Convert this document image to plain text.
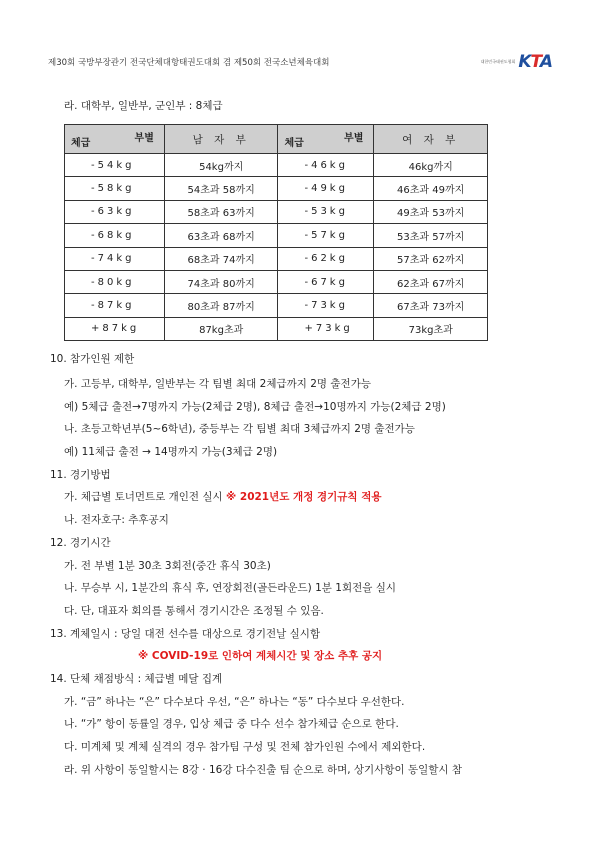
제30회 국방부장관기 전국단체대항태권도대회 겸 제50회 전국소년체육대회	대한민국태권도협회 KTA
라. 대학부, 일반부, 군인부 : 8체급
체급 부별	남 자 부	체급 부별	여 자 부
-54kg	54kg까지	-46kg	46kg까지
-58kg	54초과 58까지	-49kg	46초과 49까지
-63kg	58초과 63까지	-53kg	49초과 53까지
-68kg	63초과 68까지	-57kg	53초과 57까지
-74kg	68초과 74까지	-62kg	57초과 62까지
-80kg	74초과 80까지	-67kg	62초과 67까지
-87kg	80초과 87까지	-73kg	67초과 73까지
+87kg	87kg초과	+73kg	73kg초과
10. 참가인원 제한
가. 고등부, 대학부, 일반부는 각 팀별 최대 2체급까지 2명 출전가능
예) 5체급 출전→7명까지 가능(2체급 2명), 8체급 출전→10명까지 가능(2체급 2명)
나. 초등고학년부(5~6학년), 중등부는 각 팀별 최대 3체급까지 2명 출전가능
예) 11체급 출전 → 14명까지 가능(3체급 2명)
11. 경기방법
가. 체급별 토너먼트로 개인전 실시 ※ 2021년도 개정 경기규칙 적용
나. 전자호구: 추후공지
12. 경기시간
가. 전 부별 1분 30초 3회전(중간 휴식 30초)
나. 무승부 시, 1분간의 휴식 후, 연장회전(골든라운드) 1분 1회전을 실시
다. 단, 대표자 회의를 통해서 경기시간은 조정될 수 있음.
13. 계체일시 : 당일 대전 선수를 대상으로 경기전날 실시함
※ COVID-19로 인하여 계체시간 및 장소 추후 공지
14. 단체 채점방식 : 체급별 메달 집계
가. “금” 하나는 “은” 다수보다 우선, “은” 하나는 “동” 다수보다 우선한다.
나. “가” 항이 동률일 경우, 입상 체급 중 다수 선수 참가체급 순으로 한다.
다. 미계체 및 계체 실격의 경우 참가팀 구성 및 전체 참가인원 수에서 제외한다.
라. 위 사항이 동일할시는 8강 · 16강 다수진출 팀 순으로 하며, 상기사항이 동일할시 참
